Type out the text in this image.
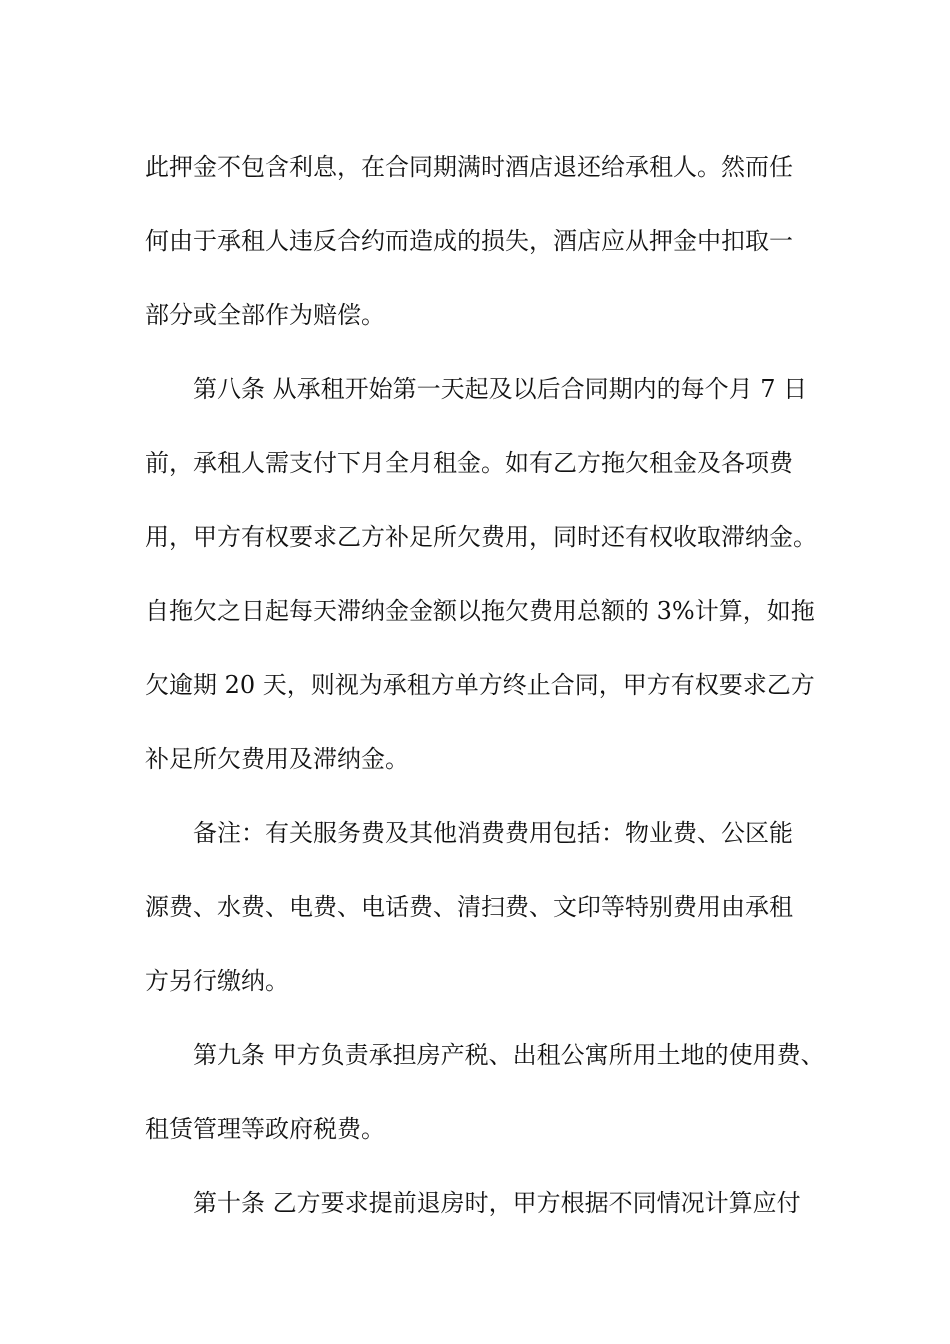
此押金不包含利息，在合同期满时酒店退还给承租人。然而任
何由于承租人违反合约而造成的损失，酒店应从押金中扣取一
部分或全部作为赔偿。
第八条 从承租开始第一天起及以后合同期内的每个月 7 日
前，承租人需支付下月全月租金。如有乙方拖欠租金及各项费
用，甲方有权要求乙方补足所欠费用，同时还有权收取滞纳金。
自拖欠之日起每天滞纳金金额以拖欠费用总额的 3%计算，如拖
欠逾期 20 天，则视为承租方单方终止合同，甲方有权要求乙方
补足所欠费用及滞纳金。
备注：有关服务费及其他消费费用包括：物业费、公区能
源费、水费、电费、电话费、清扫费、文印等特别费用由承租
方另行缴纳。
第九条 甲方负责承担房产税、出租公寓所用土地的使用费、
租赁管理等政府税费。
第十条 乙方要求提前退房时，甲方根据不同情况计算应付
